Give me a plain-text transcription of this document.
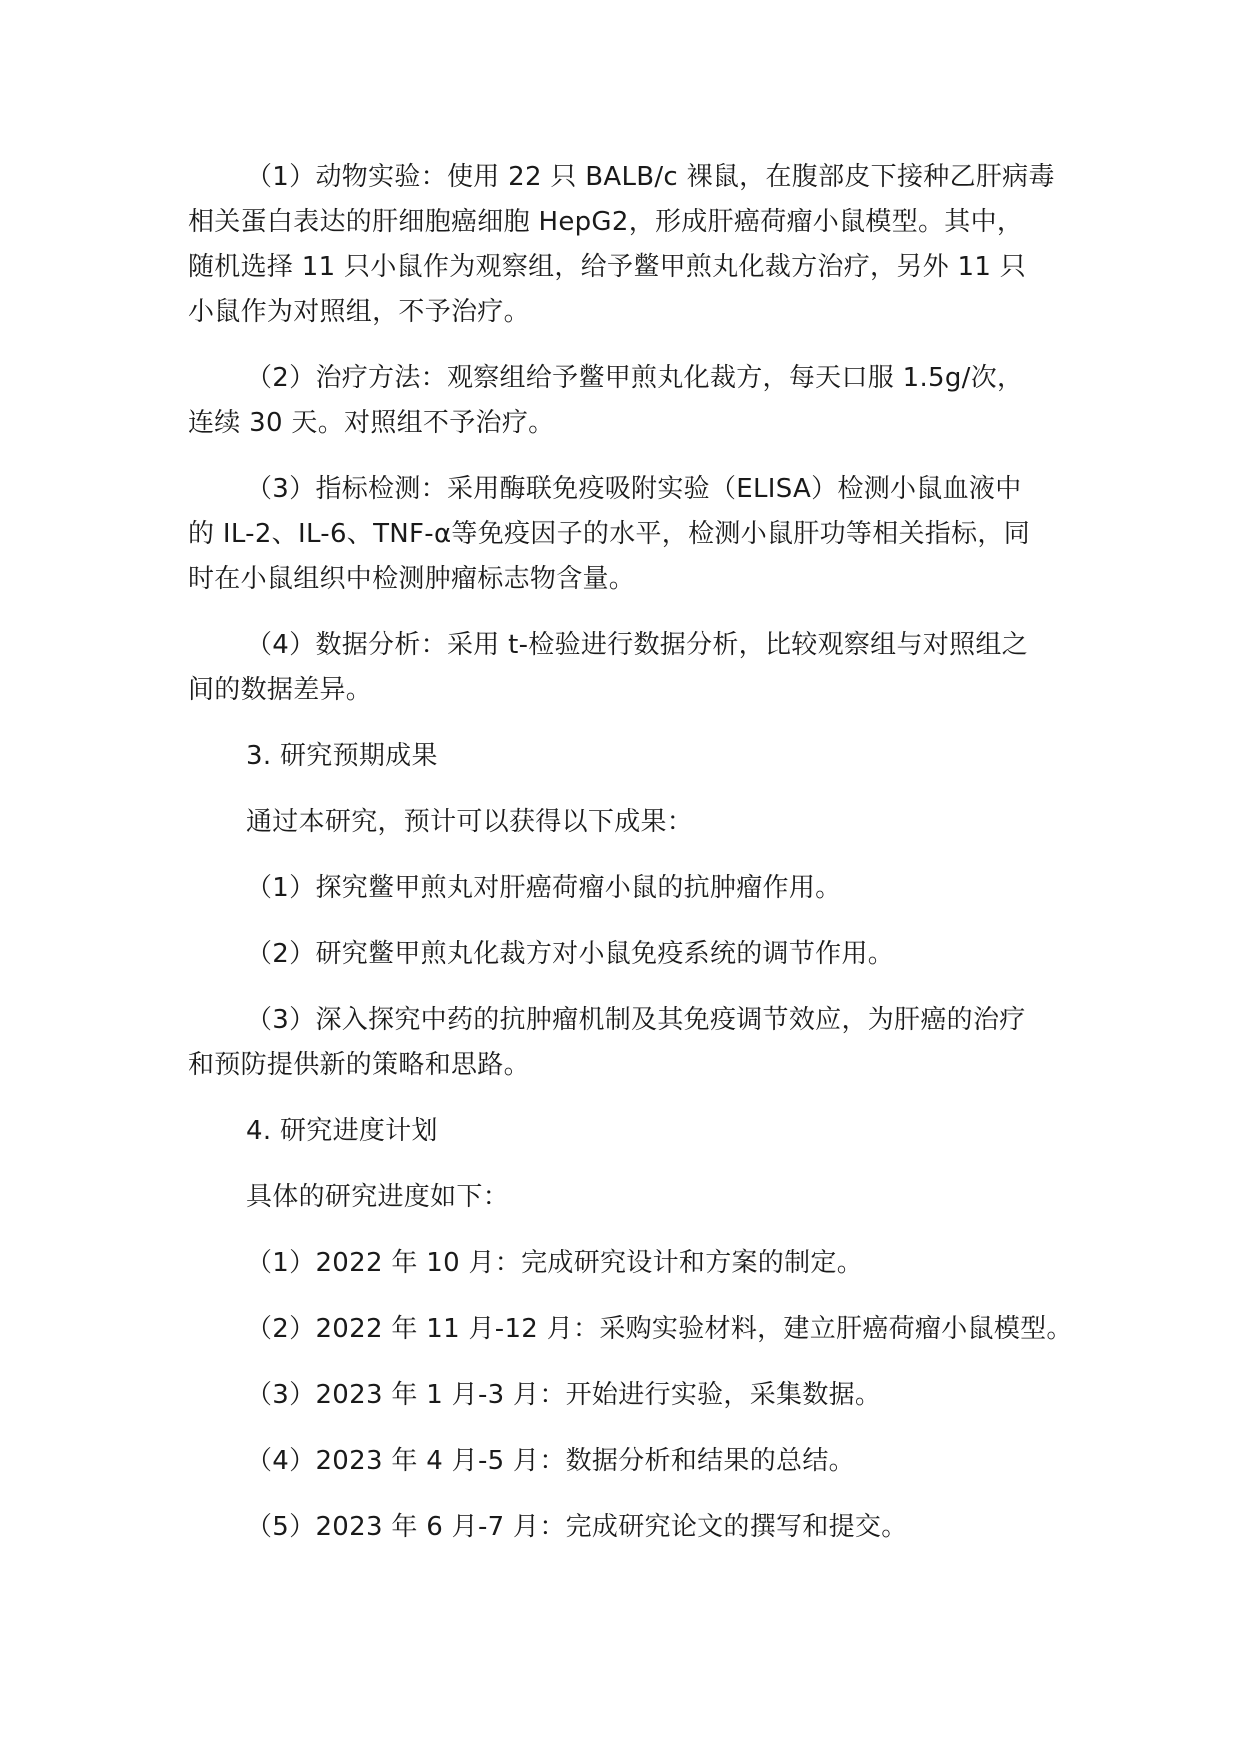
（1）动物实验：使用 22 只 BALB/c 裸鼠，在腹部皮下接种乙肝病毒
相关蛋白表达的肝细胞癌细胞 HepG2，形成肝癌荷瘤小鼠模型。其中，
随机选择 11 只小鼠作为观察组，给予鳖甲煎丸化裁方治疗，另外 11 只
小鼠作为对照组，不予治疗。
（2）治疗方法：观察组给予鳖甲煎丸化裁方，每天口服 1.5g/次，
连续 30 天。对照组不予治疗。
（3）指标检测：采用酶联免疫吸附实验（ELISA）检测小鼠血液中
的 IL-2、IL-6、TNF-α等免疫因子的水平，检测小鼠肝功等相关指标，同
时在小鼠组织中检测肿瘤标志物含量。
（4）数据分析：采用 t-检验进行数据分析，比较观察组与对照组之
间的数据差异。
3. 研究预期成果
通过本研究，预计可以获得以下成果：
（1）探究鳖甲煎丸对肝癌荷瘤小鼠的抗肿瘤作用。
（2）研究鳖甲煎丸化裁方对小鼠免疫系统的调节作用。
（3）深入探究中药的抗肿瘤机制及其免疫调节效应，为肝癌的治疗
和预防提供新的策略和思路。
4. 研究进度计划
具体的研究进度如下：
（1）2022 年 10 月：完成研究设计和方案的制定。
（2）2022 年 11 月-12 月：采购实验材料，建立肝癌荷瘤小鼠模型。
（3）2023 年 1 月-3 月：开始进行实验，采集数据。
（4）2023 年 4 月-5 月：数据分析和结果的总结。
（5）2023 年 6 月-7 月：完成研究论文的撰写和提交。
